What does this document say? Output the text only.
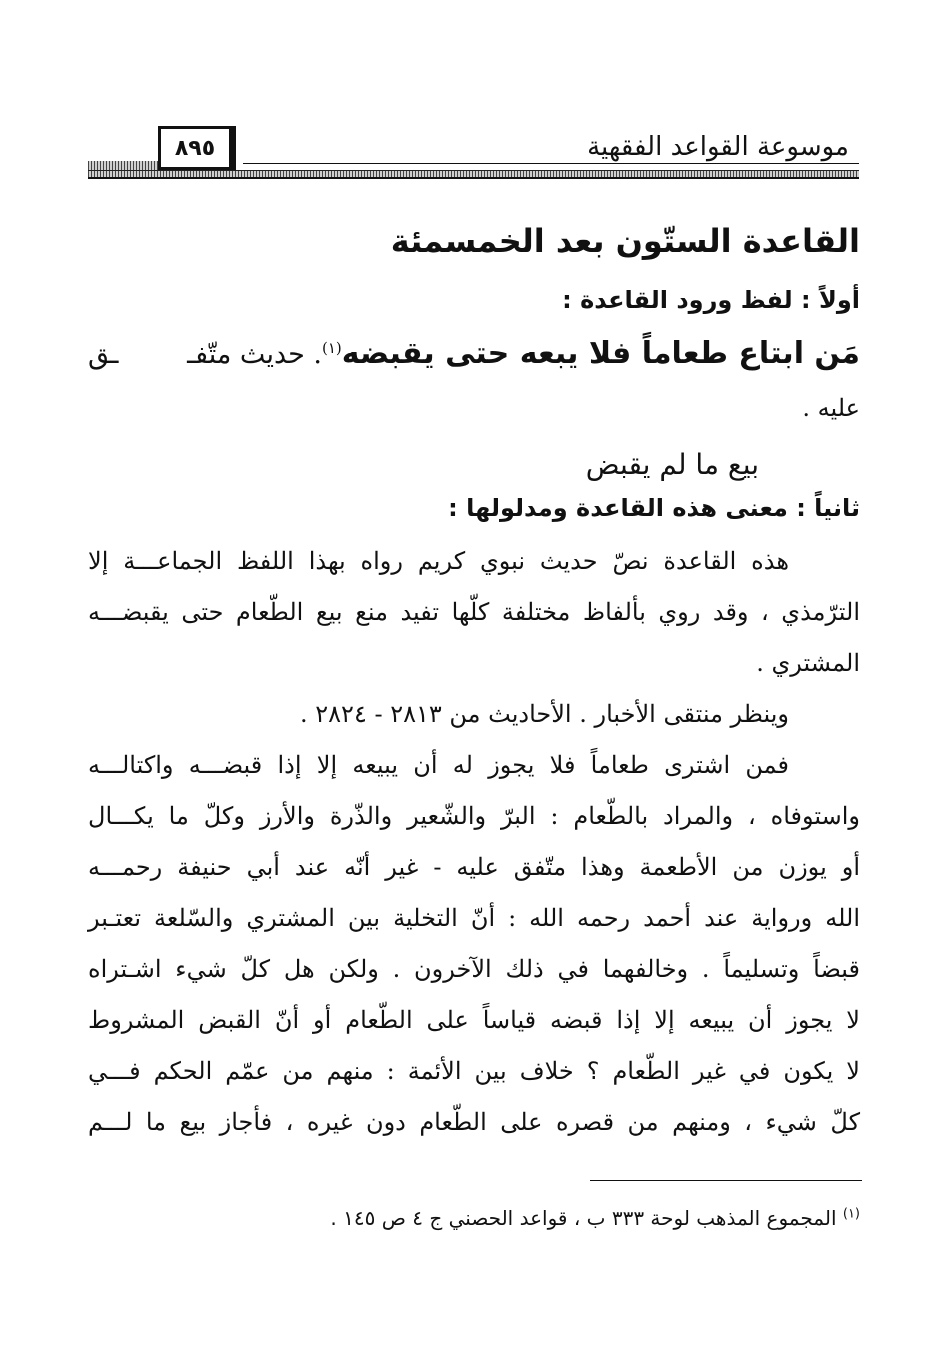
موسوعة القواعد الفقهية
٨٩٥
القاعدة الستّون بعد الخمسمئة
أولاً : لفظ ورود القاعدة :
مَن ابتاع طعاماً فلا يبعه حتى يقبضه$^{(١)}$. حديث متّفـ
ـق
عليه .
بيع ما لم يقبض
ثانياً : معنى هذه القاعدة ومدلولها :
هذه القاعدة نصّ حديث نبوي كريم رواه بهذا اللفظ الجماعـــة إلا
الترّمذي ، وقد روي بألفاظ مختلفة كلّها تفيد منع بيع الطّعام حتى يقبضـــه
المشتري .
وينظر منتقى الأخبار . الأحاديث من ٢٨١٣ - ٢٨٢٤ .
فمن اشترى طعاماً فلا يجوز له أن يبيعه إلا إذا قبضـــه واكتالـــه
واستوفاه ، والمراد بالطّعام : البرّ والشّعير والذّرة والأرز وكلّ ما يكـــال
أو يوزن من الأطعمة وهذا متّفق عليه - غير أنّه عند أبي حنيفة رحمـــه
الله ورواية عند أحمد رحمه الله : أنّ التخلية بين المشتري والسّلعة تعتـبر
قبضاً وتسليماً . وخالفهما في ذلك الآخرون . ولكن هل كلّ شيء اشـتراه
لا يجوز أن يبيعه إلا إذا قبضه قياساً على الطّعام أو أنّ القبض المشروط
لا يكون في غير الطّعام ؟ خلاف بين الأئمة : منهم من عمّم الحكم فـــي
كلّ شيء ، ومنهم من قصره على الطّعام دون غيره ، فأجاز بيع ما لـــم
$^{(١)}$ المجموع المذهب لوحة ٣٣٣ ب ، قواعد الحصني ج ٤ ص ١٤٥ .
